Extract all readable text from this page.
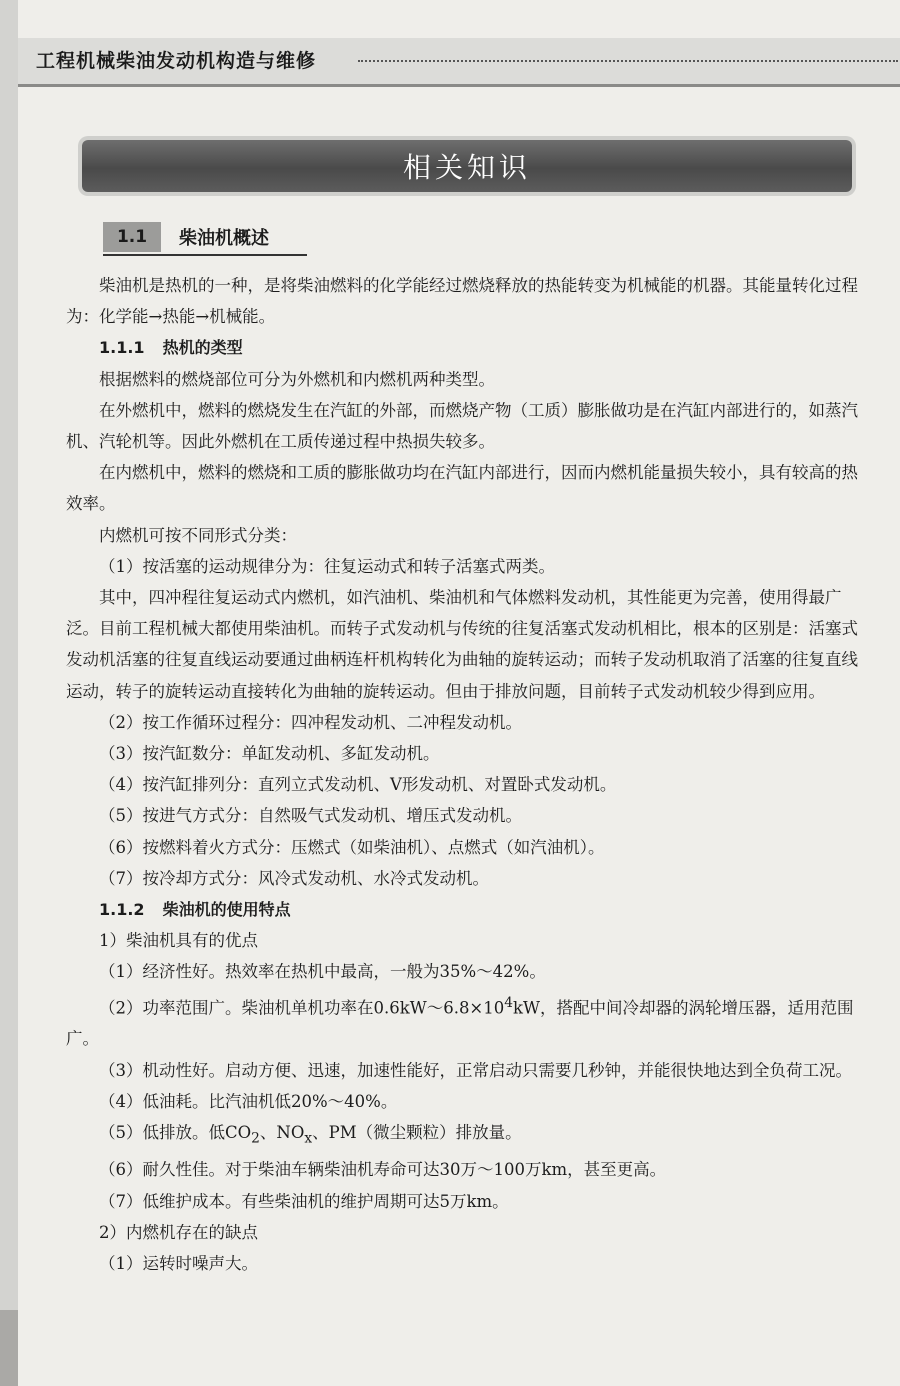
工程机械柴油发动机构造与维修
相关知识
1.1	柴油机概述

柴油机是热机的一种，是将柴油燃料的化学能经过燃烧释放的热能转变为机械能的机器。其能量转化过程为：化学能→热能→机械能。

1.1.1 热机的类型

根据燃料的燃烧部位可分为外燃机和内燃机两种类型。

在外燃机中，燃料的燃烧发生在汽缸的外部，而燃烧产物（工质）膨胀做功是在汽缸内部进行的，如蒸汽机、汽轮机等。因此外燃机在工质传递过程中热损失较多。

在内燃机中，燃料的燃烧和工质的膨胀做功均在汽缸内部进行，因而内燃机能量损失较小，具有较高的热效率。

内燃机可按不同形式分类：

（1）按活塞的运动规律分为：往复运动式和转子活塞式两类。

其中，四冲程往复运动式内燃机，如汽油机、柴油机和气体燃料发动机，其性能更为完善，使用得最广泛。目前工程机械大都使用柴油机。而转子式发动机与传统的往复活塞式发动机相比，根本的区别是：活塞式发动机活塞的往复直线运动要通过曲柄连杆机构转化为曲轴的旋转运动；而转子发动机取消了活塞的往复直线运动，转子的旋转运动直接转化为曲轴的旋转运动。但由于排放问题，目前转子式发动机较少得到应用。

（2）按工作循环过程分：四冲程发动机、二冲程发动机。

（3）按汽缸数分：单缸发动机、多缸发动机。

（4）按汽缸排列分：直列立式发动机、V形发动机、对置卧式发动机。

（5）按进气方式分：自然吸气式发动机、增压式发动机。

（6）按燃料着火方式分：压燃式（如柴油机）、点燃式（如汽油机）。

（7）按冷却方式分：风冷式发动机、水冷式发动机。

1.1.2 柴油机的使用特点

1）柴油机具有的优点

（1）经济性好。热效率在热机中最高，一般为35%～42%。

（2）功率范围广。柴油机单机功率在$0.6kW\sim 6.8\times 10^4kW$，搭配中间冷却器的涡轮增压器，适用范围广。

（3）机动性好。启动方便、迅速，加速性能好，正常启动只需要几秒钟，并能很快地达到全负荷工况。

（4）低油耗。比汽油机低20%～40%。

（5）低排放。低$CO_2$、$NO_x$、PM（微尘颗粒）排放量。

（6）耐久性佳。对于柴油车辆柴油机寿命可达30万～100万km，甚至更高。

（7）低维护成本。有些柴油机的维护周期可达5万km。

2）内燃机存在的缺点

（1）运转时噪声大。
